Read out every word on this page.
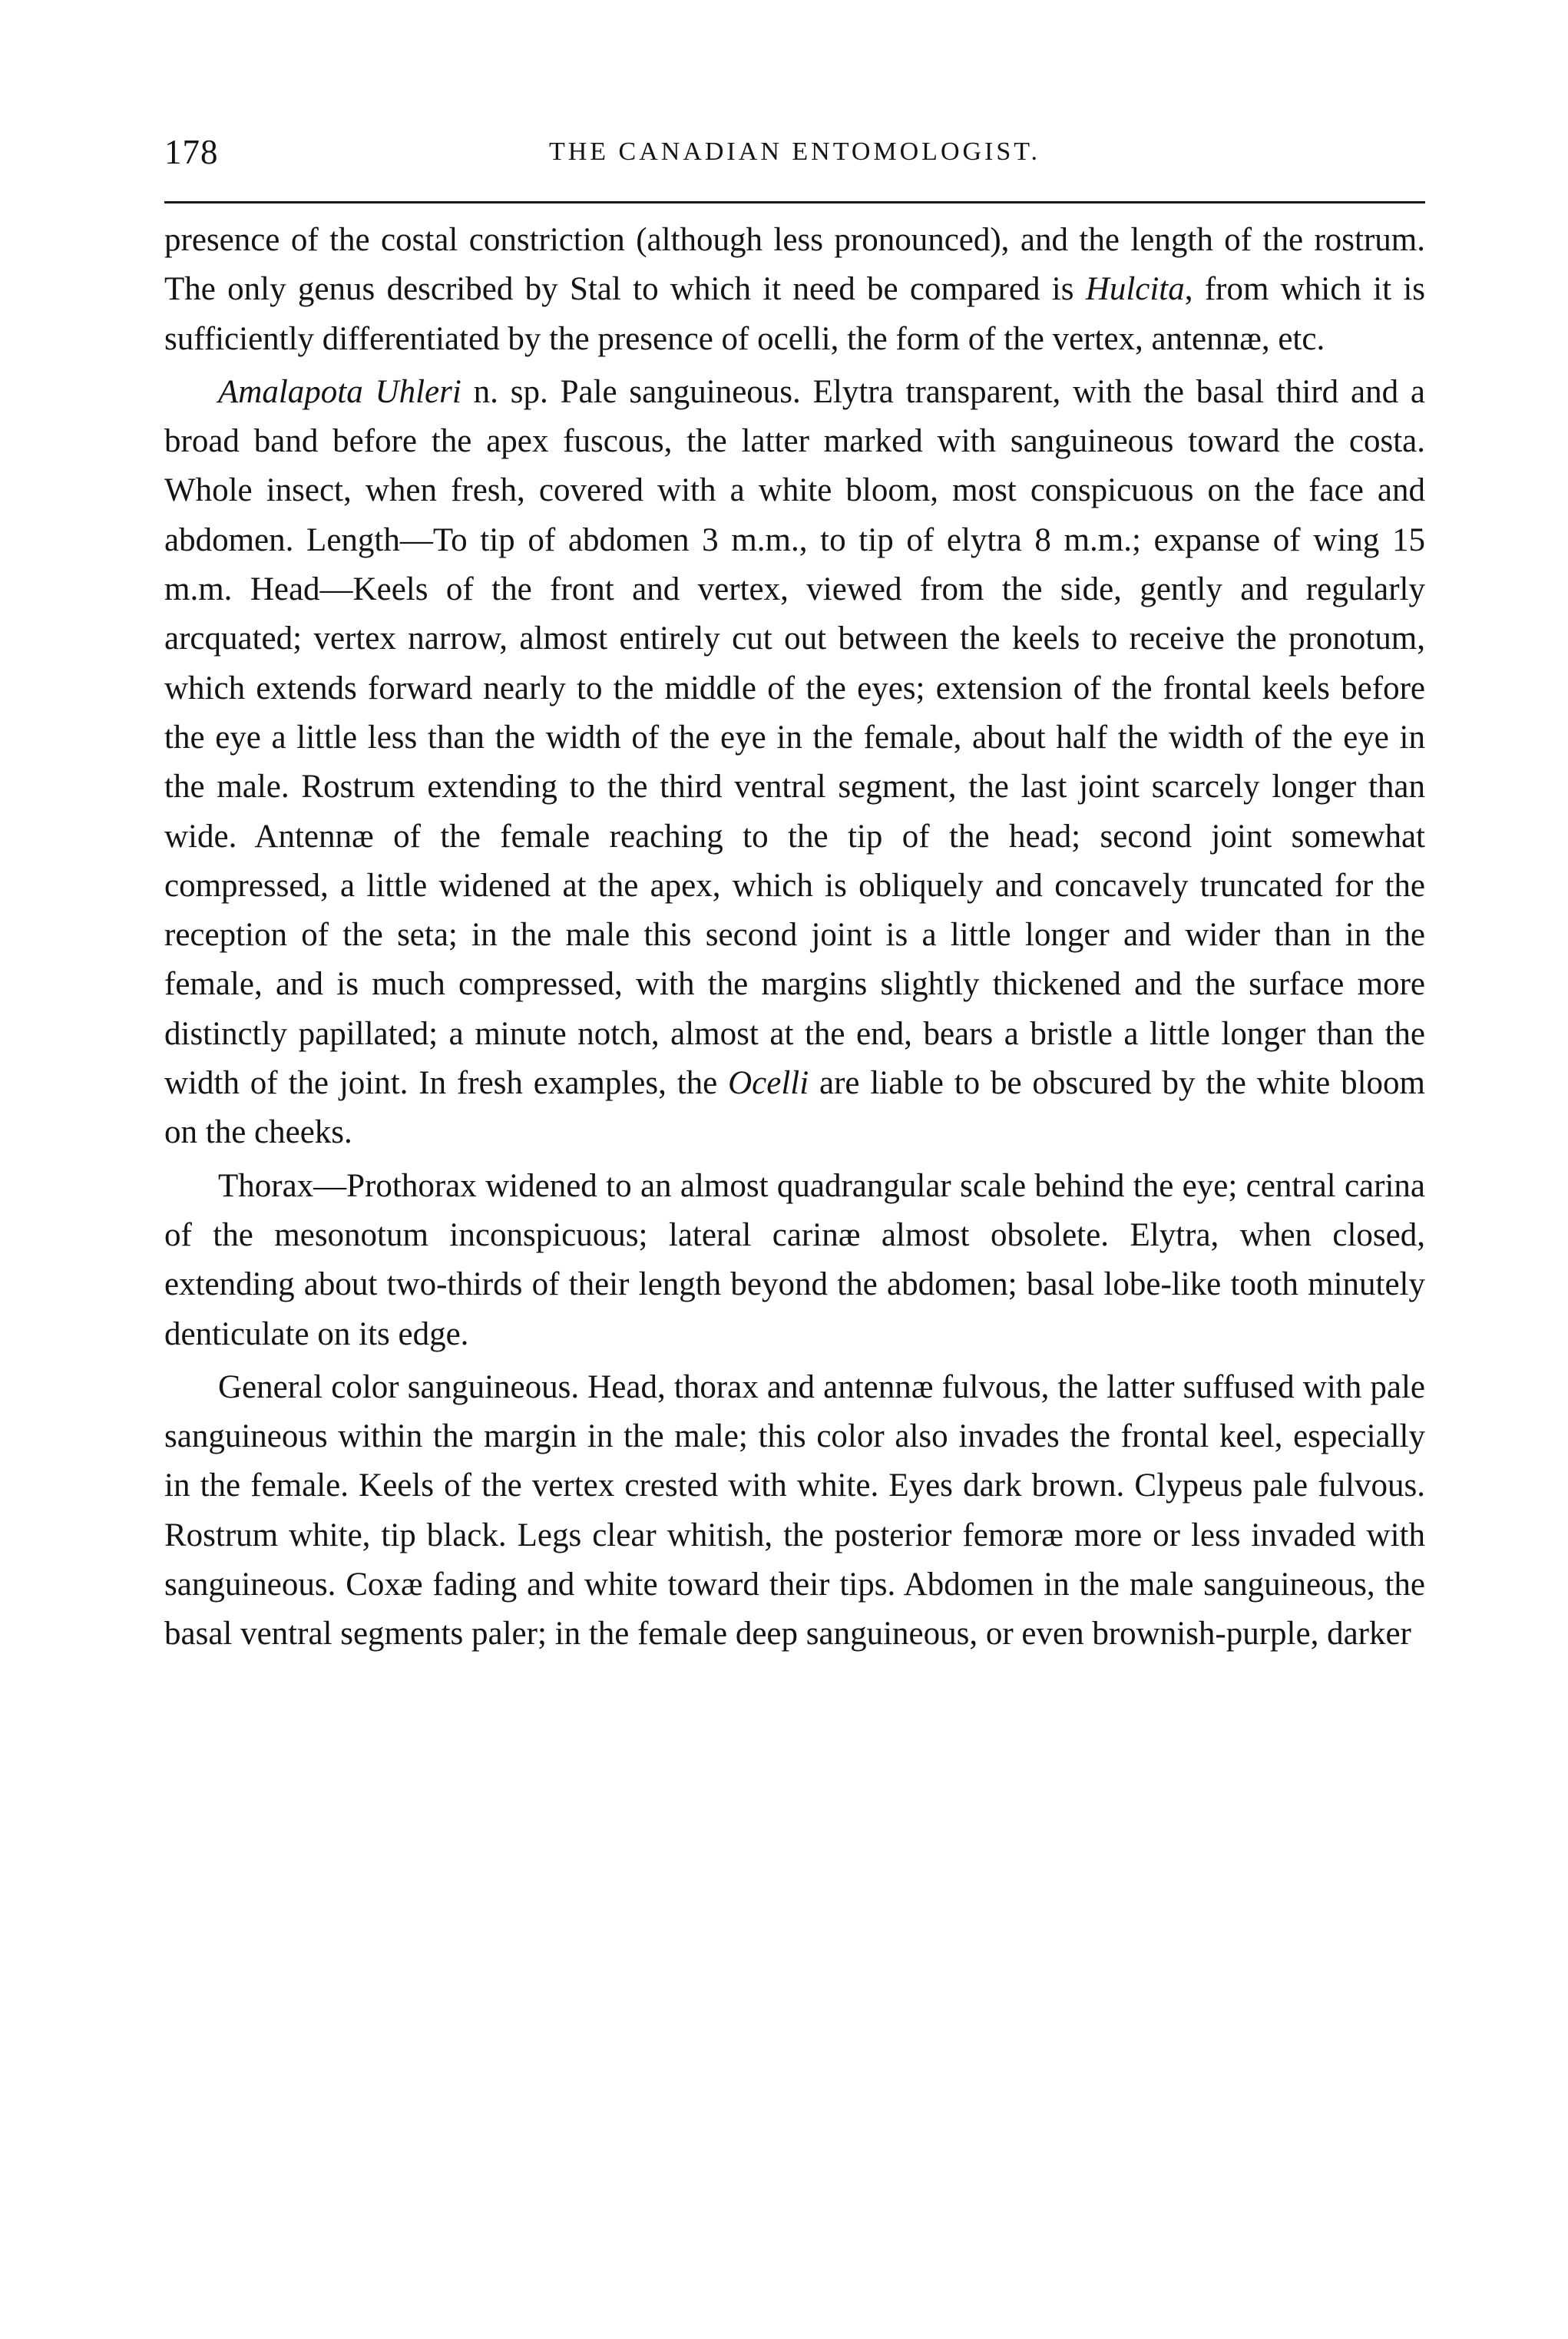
178	THE CANADIAN ENTOMOLOGIST.

presence of the costal constriction (although less pronounced), and the length of the rostrum. The only genus described by Stal to which it need be compared is Hulcita, from which it is sufficiently differentiated by the presence of ocelli, the form of the vertex, antennæ, etc.

Amalapota Uhleri n. sp. Pale sanguineous. Elytra transparent, with the basal third and a broad band before the apex fuscous, the latter marked with sanguineous toward the costa. Whole insect, when fresh, covered with a white bloom, most conspicuous on the face and abdomen. Length—To tip of abdomen 3 m.m., to tip of elytra 8 m.m.; expanse of wing 15 m.m. Head—Keels of the front and vertex, viewed from the side, gently and regularly arcquated; vertex narrow, almost entirely cut out between the keels to receive the pronotum, which extends forward nearly to the middle of the eyes; extension of the frontal keels before the eye a little less than the width of the eye in the female, about half the width of the eye in the male. Rostrum extending to the third ventral segment, the last joint scarcely longer than wide. Antennæ of the female reaching to the tip of the head; second joint somewhat compressed, a little widened at the apex, which is obliquely and concavely truncated for the reception of the seta; in the male this second joint is a little longer and wider than in the female, and is much compressed, with the margins slightly thickened and the surface more distinctly papillated; a minute notch, almost at the end, bears a bristle a little longer than the width of the joint. In fresh examples, the Ocelli are liable to be obscured by the white bloom on the cheeks.

Thorax—Prothorax widened to an almost quadrangular scale behind the eye; central carina of the mesonotum inconspicuous; lateral carinæ almost obsolete. Elytra, when closed, extending about two-thirds of their length beyond the abdomen; basal lobe-like tooth minutely denticulate on its edge.

General color sanguineous. Head, thorax and antennæ fulvous, the latter suffused with pale sanguineous within the margin in the male; this color also invades the frontal keel, especially in the female. Keels of the vertex crested with white. Eyes dark brown. Clypeus pale fulvous. Rostrum white, tip black. Legs clear whitish, the posterior femoræ more or less invaded with sanguineous. Coxæ fading and white toward their tips. Abdomen in the male sanguineous, the basal ventral segments paler; in the female deep sanguineous, or even brownish-purple, darker
